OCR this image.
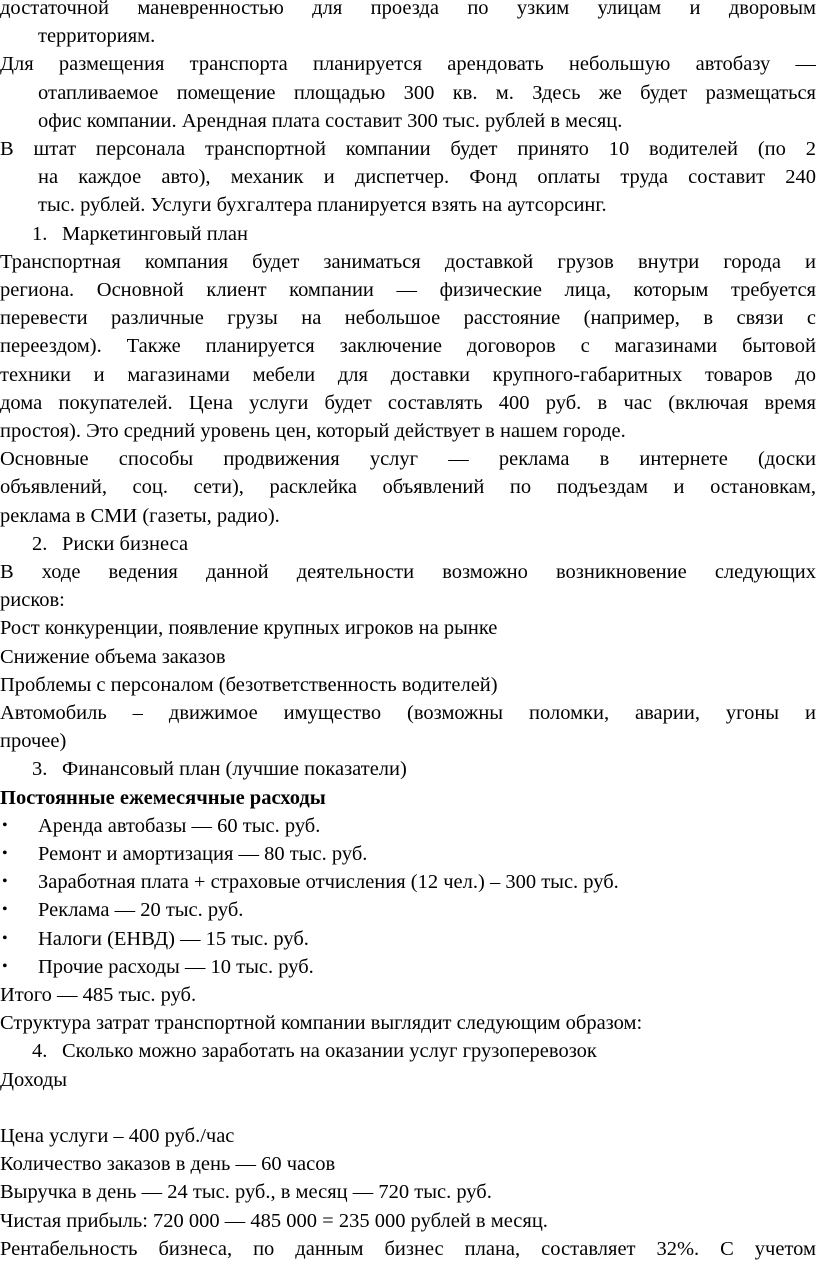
достаточной маневренностью для проезда по узким улицам и дворовым
территориям.
Для размещения транспорта планируется арендовать небольшую автобазу —
отапливаемое помещение площадью 300 кв. м. Здесь же будет размещаться
офис компании. Арендная плата составит 300 тыс. рублей в месяц.
В штат персонала транспортной компании будет принято 10 водителей (по 2
на каждое авто), механик и диспетчер. Фонд оплаты труда составит 240
тыс. рублей. Услуги бухгалтера планируется взять на аутсорсинг.
1. Маркетинговый план
Транспортная компания будет заниматься доставкой грузов внутри города и
региона. Основной клиент компании — физические лица, которым требуется
перевести различные грузы на небольшое расстояние (например, в связи с
переездом). Также планируется заключение договоров с магазинами бытовой
техники и магазинами мебели для доставки крупного-габаритных товаров до
дома покупателей. Цена услуги будет составлять 400 руб. в час (включая время
простоя). Это средний уровень цен, который действует в нашем городе.
Основные способы продвижения услуг — реклама в интернете (доски
объявлений, соц. сети), расклейка объявлений по подъездам и остановкам,
реклама в СМИ (газеты, радио).
2. Риски бизнеса
В ходе ведения данной деятельности возможно возникновение следующих
рисков:
Рост конкуренции, появление крупных игроков на рынке
Снижение объема заказов
Проблемы с персоналом (безответственность водителей)
Автомобиль – движимое имущество (возможны поломки, аварии, угоны и
прочее)
3. Финансовый план (лучшие показатели)
Постоянные ежемесячные расходы
• Аренда автобазы — 60 тыс. руб.
• Ремонт и амортизация — 80 тыс. руб.
• Заработная плата + страховые отчисления (12 чел.) – 300 тыс. руб.
• Реклама — 20 тыс. руб.
• Налоги (ЕНВД) — 15 тыс. руб.
• Прочие расходы — 10 тыс. руб.
Итого — 485 тыс. руб.
Структура затрат транспортной компании выглядит следующим образом:
4. Сколько можно заработать на оказании услуг грузоперевозок
Доходы
Цена услуги – 400 руб./час
Количество заказов в день — 60 часов
Выручка в день — 24 тыс. руб., в месяц — 720 тыс. руб.
Чистая прибыль: 720 000 — 485 000 = 235 000 рублей в месяц.
Рентабельность бизнеса, по данным бизнес плана, составляет 32%. С учетом
